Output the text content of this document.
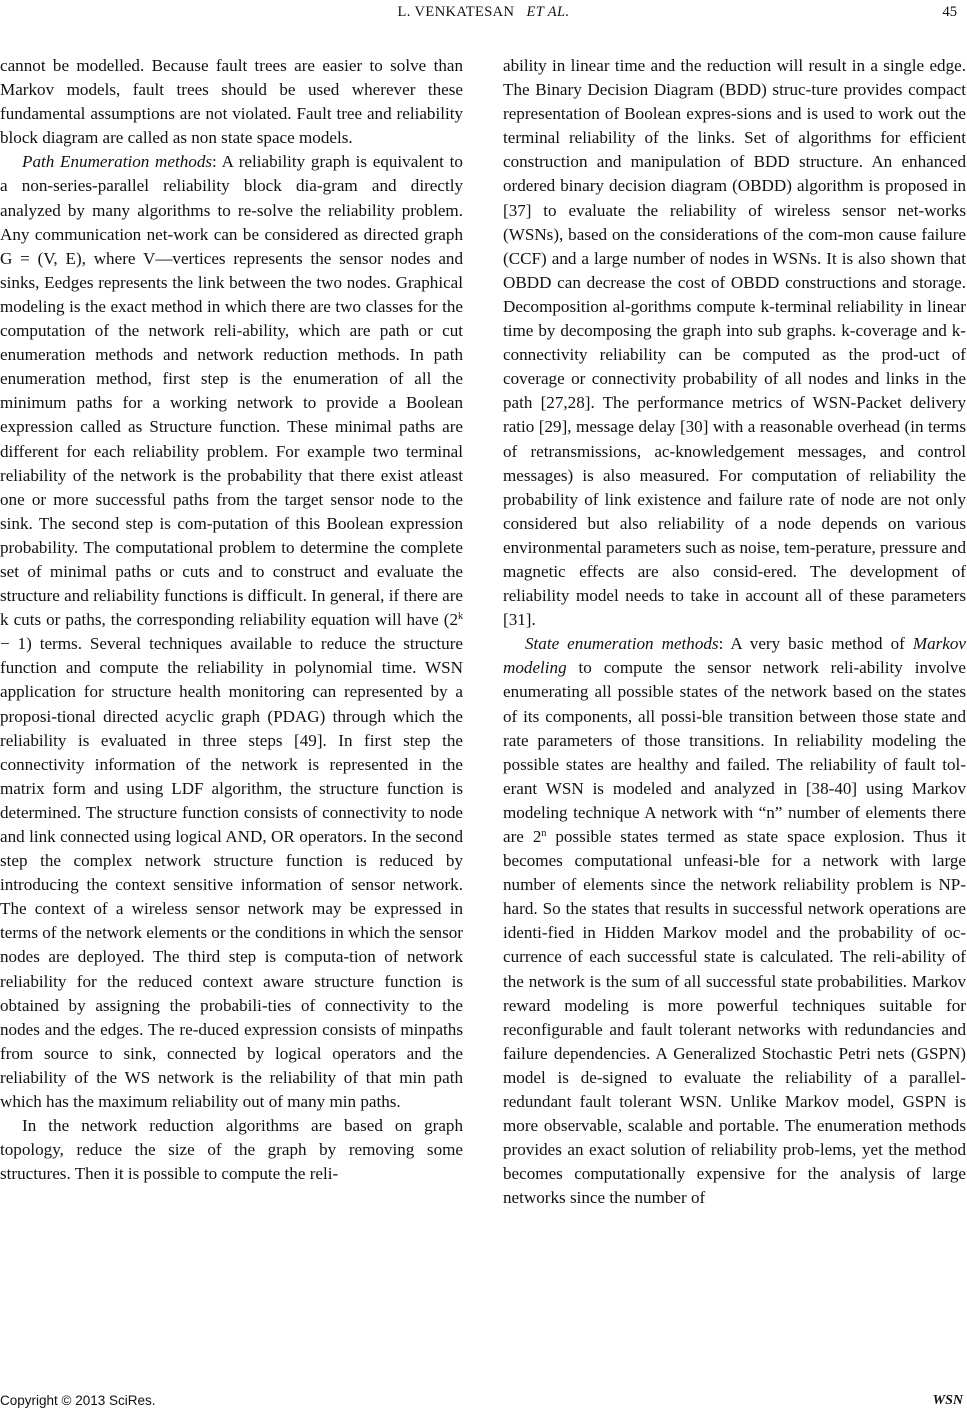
L. VENKATESAN ET AL.	45

cannot be modelled. Because fault trees are easier to solve than Markov models, fault trees should be used wherever these fundamental assumptions are not violated. Fault tree and reliability block diagram are called as non state space models.

Path Enumeration methods: A reliability graph is equivalent to a non-series-parallel reliability block dia-gram and directly analyzed by many algorithms to re-solve the reliability problem. Any communication net-work can be considered as directed graph G = (V, E), where V—vertices represents the sensor nodes and sinks, Eedges represents the link between the two nodes. Graphical modeling is the exact method in which there are two classes for the computation of the network reli-ability, which are path or cut enumeration methods and network reduction methods. In path enumeration method, first step is the enumeration of all the minimum paths for a working network to provide a Boolean expression called as Structure function. These minimal paths are different for each reliability problem. For example two terminal reliability of the network is the probability that there exist atleast one or more successful paths from the target sensor node to the sink. The second step is com-putation of this Boolean expression probability. The computational problem to determine the complete set of minimal paths or cuts and to construct and evaluate the structure and reliability functions is difficult. In general, if there are k cuts or paths, the corresponding reliability equation will have $(2^k - 1)$ terms. Several techniques available to reduce the structure function and compute the reliability in polynomial time. WSN application for structure health monitoring can represented by a proposi-tional directed acyclic graph (PDAG) through which the reliability is evaluated in three steps [49]. In first step the connectivity information of the network is represented in the matrix form and using LDF algorithm, the structure function is determined. The structure function consists of connectivity to node and link connected using logical AND, OR operators. In the second step the complex network structure function is reduced by introducing the context sensitive information of sensor network. The context of a wireless sensor network may be expressed in terms of the network elements or the conditions in which the sensor nodes are deployed. The third step is computa-tion of network reliability for the reduced context aware structure function is obtained by assigning the probabili-ties of connectivity to the nodes and the edges. The re-duced expression consists of minpaths from source to sink, connected by logical operators and the reliability of the WS network is the reliability of that min path which has the maximum reliability out of many min paths.

In the network reduction algorithms are based on graph topology, reduce the size of the graph by removing some structures. Then it is possible to compute the reli-

ability in linear time and the reduction will result in a single edge. The Binary Decision Diagram (BDD) struc-ture provides compact representation of Boolean expres-sions and is used to work out the terminal reliability of the links. Set of algorithms for efficient construction and manipulation of BDD structure. An enhanced ordered binary decision diagram (OBDD) algorithm is proposed in [37] to evaluate the reliability of wireless sensor net-works (WSNs), based on the considerations of the com-mon cause failure (CCF) and a large number of nodes in WSNs. It is also shown that OBDD can decrease the cost of OBDD constructions and storage. Decomposition al-gorithms compute k-terminal reliability in linear time by decomposing the graph into sub graphs. k-coverage and k-connectivity reliability can be computed as the prod-uct of coverage or connectivity probability of all nodes and links in the path [27,28]. The performance metrics of WSN-Packet delivery ratio [29], message delay [30] with a reasonable overhead (in terms of retransmissions, ac-knowledgement messages, and control messages) is also measured. For computation of reliability the probability of link existence and failure rate of node are not only considered but also reliability of a node depends on various environmental parameters such as noise, tem-perature, pressure and magnetic effects are also consid-ered. The development of reliability model needs to take in account all of these parameters [31].

State enumeration methods: A very basic method of Markov modeling to compute the sensor network reli-ability involve enumerating all possible states of the network based on the states of its components, all possi-ble transition between those state and rate parameters of those transitions. In reliability modeling the possible states are healthy and failed. The reliability of fault tol-erant WSN is modeled and analyzed in [38-40] using Markov modeling technique A network with “n” number of elements there are 2$^n$ possible states termed as state space explosion. Thus it becomes computational unfeasi-ble for a network with large number of elements since the network reliability problem is NP-hard. So the states that results in successful network operations are identi-fied in Hidden Markov model and the probability of oc-currence of each successful state is calculated. The reli-ability of the network is the sum of all successful state probabilities. Markov reward modeling is more powerful techniques suitable for reconfigurable and fault tolerant networks with redundancies and failure dependencies. A Generalized Stochastic Petri nets (GSPN) model is de-signed to evaluate the reliability of a parallel-redundant fault tolerant WSN. Unlike Markov model, GSPN is more observable, scalable and portable. The enumeration methods provides an exact solution of reliability prob-lems, yet the method becomes computationally expensive for the analysis of large networks since the number of

Copyright © 2013 SciRes.	WSN
